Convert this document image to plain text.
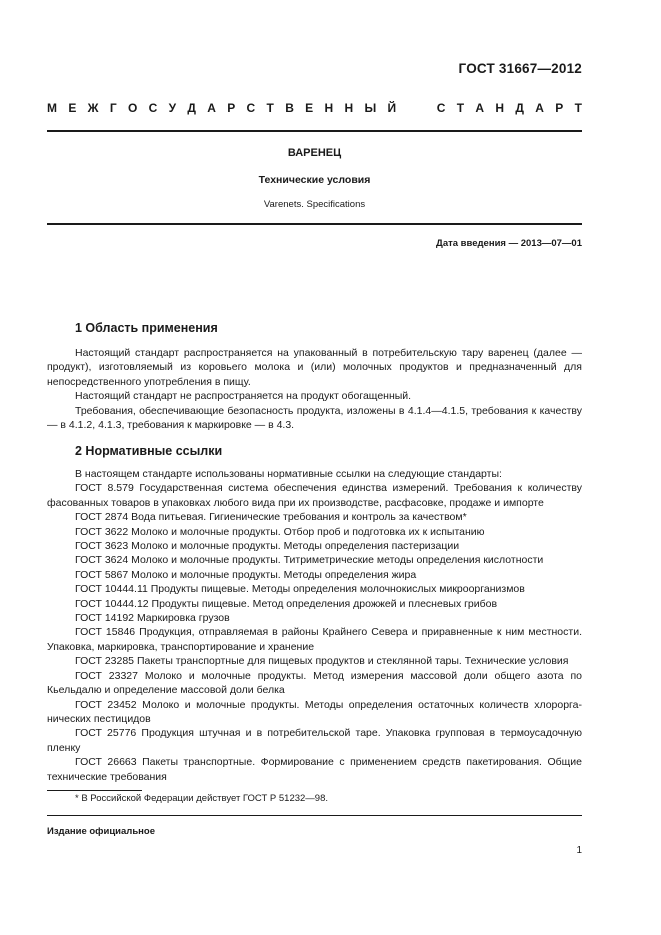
ГОСТ 31667—2012
М Е Ж Г О С У Д А Р С Т В Е Н Н Ы Й

	С Т А Н Д А Р Т
ВАРЕНЕЦ
Технические условия
Varenets. Specifications
Дата введения — 2013—07—01
1 Область применения

Настоящий стандарт распространяется на упакованный в потребительскую тару варенец (далее — продукт), изготовляемый из коровьего молока и (или) молочных продуктов и предназначенный для непосредственного употребления в пищу.

Настоящий стандарт не распространяется на продукт обогащенный.

Требования, обеспечивающие безопасность продукта, изложены в 4.1.4—4.1.5, требования к качеству — в 4.1.2, 4.1.3, требования к маркировке — в 4.3.

2 Нормативные ссылки

В настоящем стандарте использованы нормативные ссылки на следующие стандарты:

ГОСТ 8.579 Государственная система обеспечения единства измерений. Требования к количеству фасованных товаров в упаковках любого вида при их производстве, расфасовке, продаже и импорте

ГОСТ 2874 Вода питьевая. Гигиенические требования и контроль за качеством*

ГОСТ 3622 Молоко и молочные продукты. Отбор проб и подготовка их к испытанию

ГОСТ 3623 Молоко и молочные продукты. Методы определения пастеризации

ГОСТ 3624 Молоко и молочные продукты. Титриметрические методы определения кислотности

ГОСТ 5867 Молоко и молочные продукты. Методы определения жира

ГОСТ 10444.11 Продукты пищевые. Методы определения молочнокислых микроорганизмов

ГОСТ 10444.12 Продукты пищевые. Метод определения дрожжей и плесневых грибов

ГОСТ 14192 Маркировка грузов

ГОСТ 15846 Продукция, отправляемая в районы Крайнего Севера и приравненные к ним местности. Упаковка, маркировка, транспортирование и хранение

ГОСТ 23285 Пакеты транспортные для пищевых продуктов и стеклянной тары. Технические условия

ГОСТ 23327 Молоко и молочные продукты. Метод измерения массовой доли общего азота по Кьельдалю и определение массовой доли белка

ГОСТ 23452 Молоко и молочные продукты. Методы определения остаточных количеств хлорорганических пестицидов

ГОСТ 25776 Продукция штучная и в потребительской таре. Упаковка групповая в термоусадочную пленку

ГОСТ 26663 Пакеты транспортные. Формирование с применением средств пакетирования. Общие технические требования

* В Российской Федерации действует ГОСТ Р 51232—98.
Издание официальное
1
